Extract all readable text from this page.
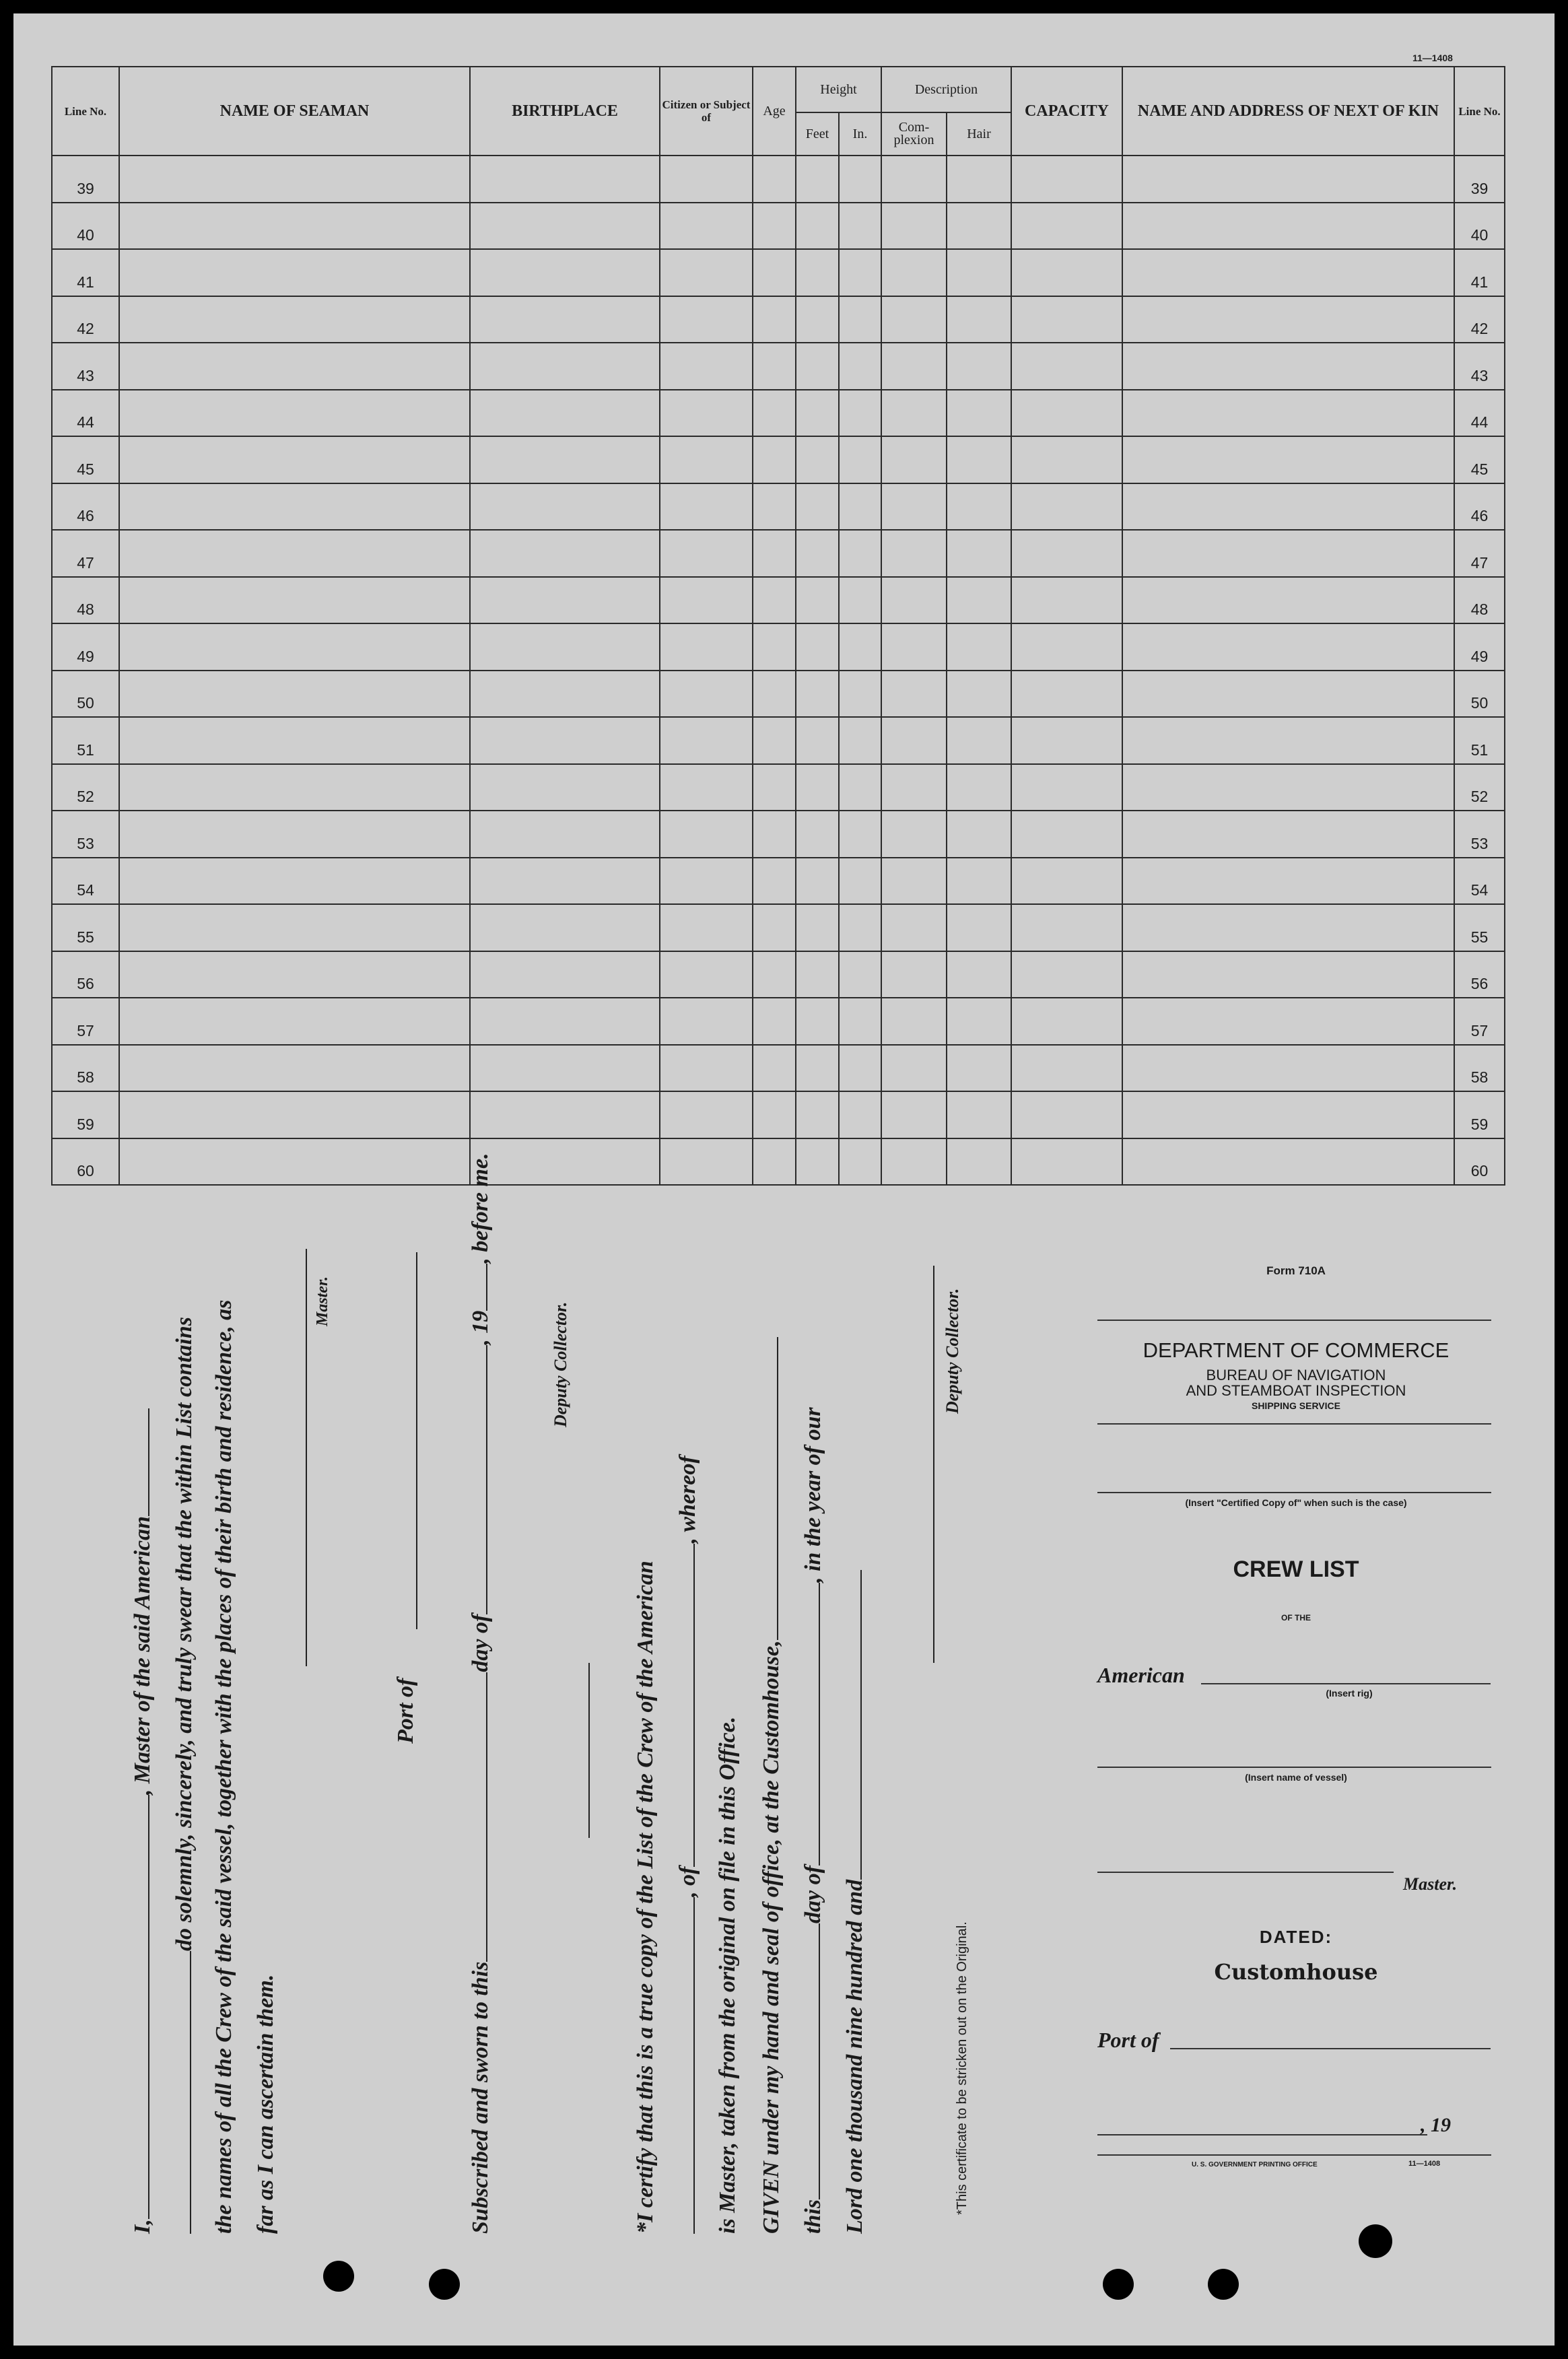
11—1408
Line No.	NAME OF SEAMAN	BIRTHPLACE	Citizen or Subject of	Age	Height		Description		CAPACITY	NAME AND ADDRESS OF NEXT OF KIN	Line No.
					Feet	In.	Com-plexion	Hair			
39											39
40											40
41											41
42											42
43											43
44											44
45											45
46											46
47											47
48											48
49											49
50											50
51											51
52											52
53											53
54											54
55											55
56											56
57											57
58											58
59											59
60											60
I,, Master of the said American do solemnly, sincerely, and truly swear that the within List contains the names of all the Crew of the said vessel, together with the places of their birth and residence, as far as I can ascertain them.
Master.
Port of
Subscribed and sworn to thisday of, 19, before me.
Deputy Collector.
*I certify that this is a true copy of the List of the Crew of the American , of, whereof
is Master, taken from the original on file in this Office. GIVEN under my hand and seal of office, at the Customhouse, thisday of, in the year of our
Lord one thousand nine hundred and
Deputy Collector.
*This certificate to be stricken out on the Original.
Form 710A
DEPARTMENT OF COMMERCE
BUREAU OF NAVIGATION
AND STEAMBOAT INSPECTION
SHIPPING SERVICE
(Insert "Certified Copy of" when such is the case)
CREW LIST
OF THE
American
(Insert rig)
(Insert name of vessel)
Master.
DATED:
Customhouse
Port of
, 19
U. S. GOVERNMENT PRINTING OFFICE	11—1408
